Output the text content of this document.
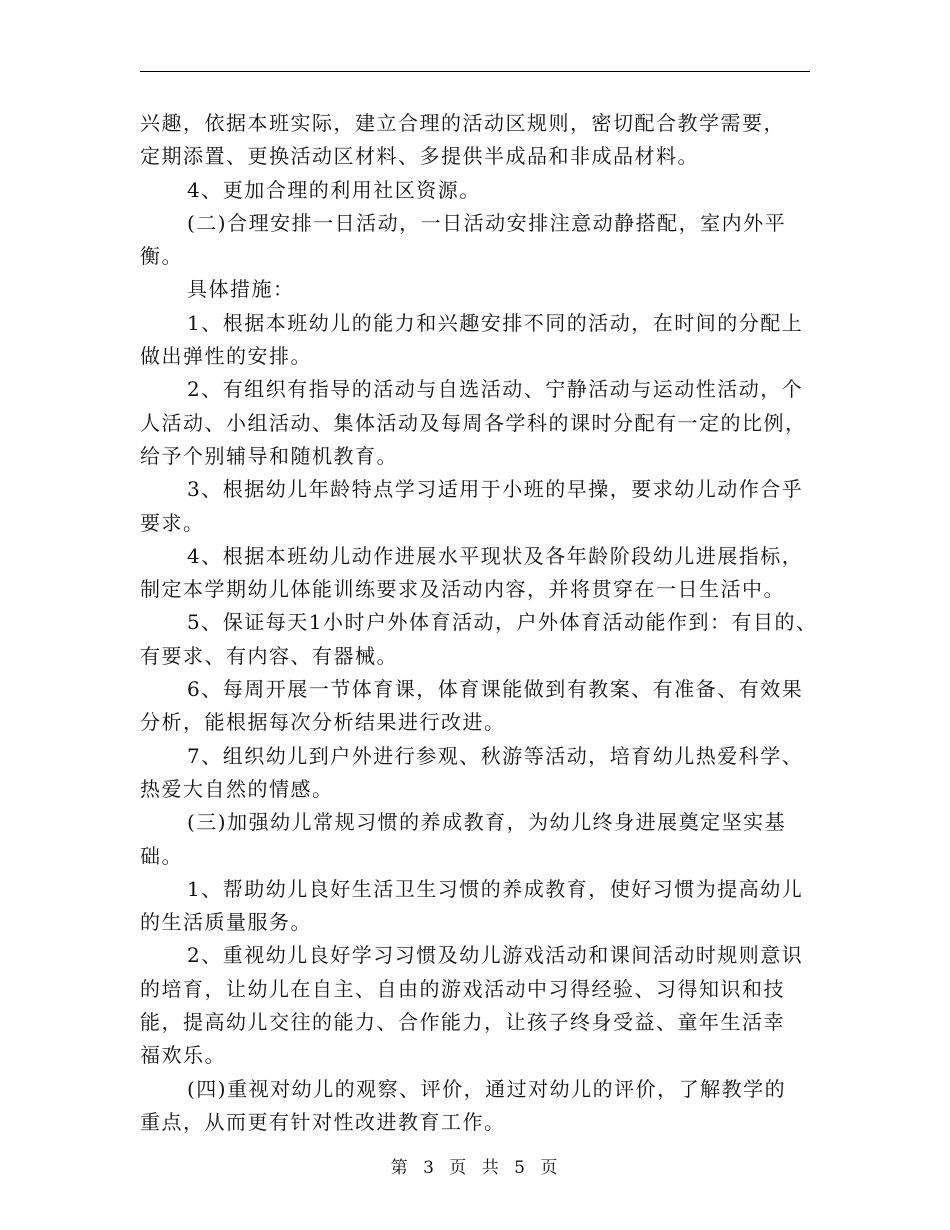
兴趣，依据本班实际，建立合理的活动区规则，密切配合教学需要，
定期添置、更换活动区材料、多提供半成品和非成品材料。

4、更加合理的利用社区资源。

(二)合理安排一日活动，一日活动安排注意动静搭配，室内外平
衡。

具体措施：

1、根据本班幼儿的能力和兴趣安排不同的活动，在时间的分配上
做出弹性的安排。

2、有组织有指导的活动与自选活动、宁静活动与运动性活动，个
人活动、小组活动、集体活动及每周各学科的课时分配有一定的比例，
给予个别辅导和随机教育。

3、根据幼儿年龄特点学习适用于小班的早操，要求幼儿动作合乎
要求。

4、根据本班幼儿动作进展水平现状及各年龄阶段幼儿进展指标，
制定本学期幼儿体能训练要求及活动内容，并将贯穿在一日生活中。

5、保证每天1小时户外体育活动，户外体育活动能作到：有目的、
有要求、有内容、有器械。

6、每周开展一节体育课，体育课能做到有教案、有准备、有效果
分析，能根据每次分析结果进行改进。

7、组织幼儿到户外进行参观、秋游等活动，培育幼儿热爱科学、
热爱大自然的情感。

(三)加强幼儿常规习惯的养成教育，为幼儿终身进展奠定坚实基
础。

1、帮助幼儿良好生活卫生习惯的养成教育，使好习惯为提高幼儿
的生活质量服务。

2、重视幼儿良好学习习惯及幼儿游戏活动和课间活动时规则意识
的培育，让幼儿在自主、自由的游戏活动中习得经验、习得知识和技
能，提高幼儿交往的能力、合作能力，让孩子终身受益、童年生活幸
福欢乐。

(四)重视对幼儿的观察、评价，通过对幼儿的评价，了解教学的
重点，从而更有针对性改进教育工作。

第 3 页 共 5 页
